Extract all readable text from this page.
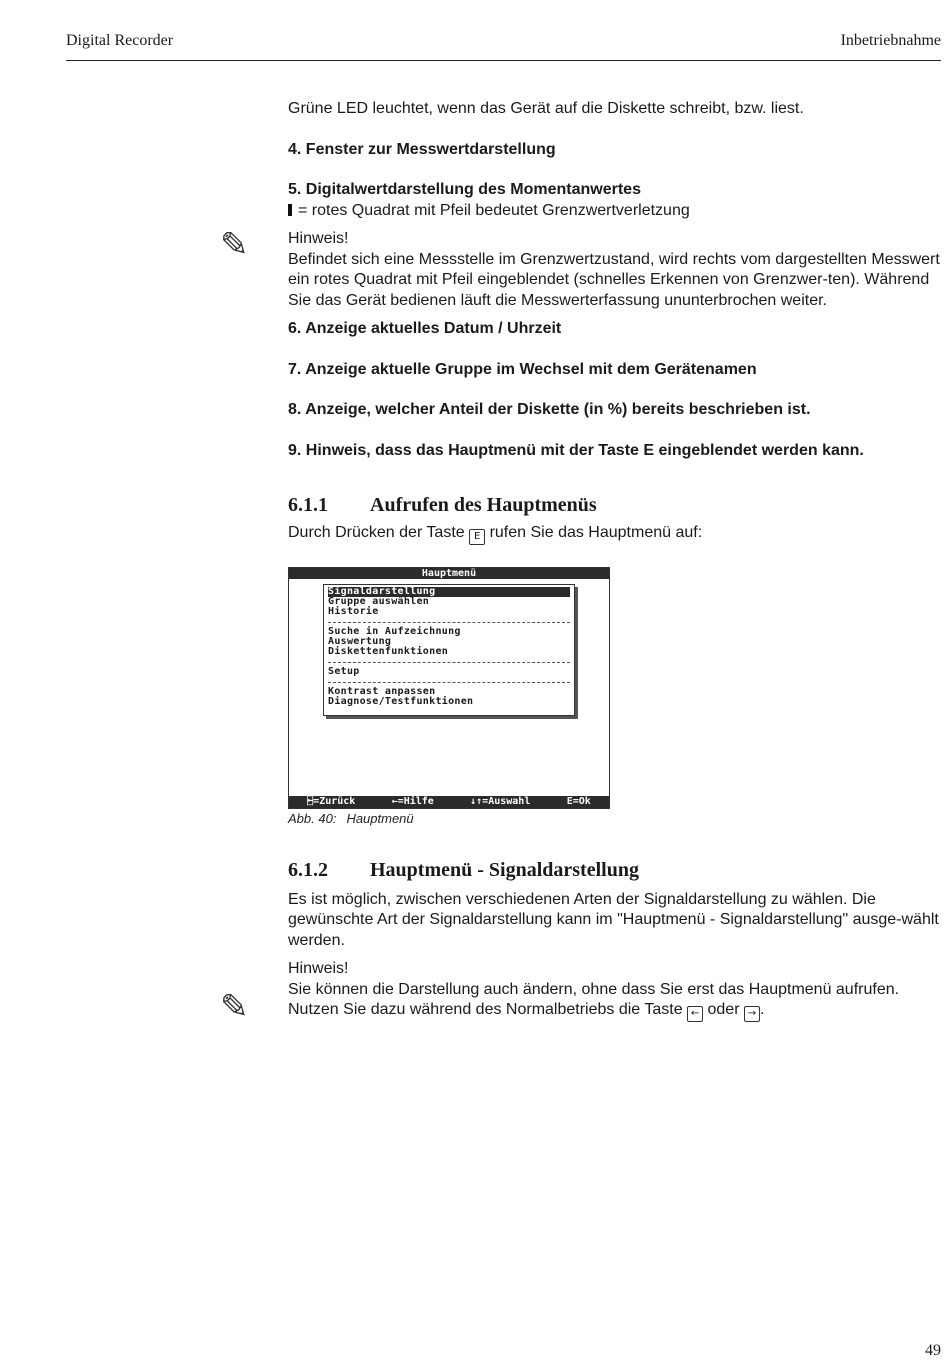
Digital Recorder	Inbetriebnahme
✎
✎

Grüne LED leuchtet, wenn das Gerät auf die Diskette schreibt, bzw. liest.

4. Fenster zur Messwertdarstellung

5. Digitalwertdarstellung des Momentanwertes

= rotes Quadrat mit Pfeil bedeutet Grenzwertverletzung

Hinweis!

Befindet sich eine Messstelle im Grenzwertzustand, wird rechts vom dargestellten Messwert ein rotes Quadrat mit Pfeil eingeblendet (schnelles Erkennen von Grenzwer-ten). Während Sie das Gerät bedienen läuft die Messwerterfassung ununterbrochen weiter.

6. Anzeige aktuelles Datum / Uhrzeit

7. Anzeige aktuelle Gruppe im Wechsel mit dem Gerätenamen

8. Anzeige, welcher Anteil der Diskette (in %) bereits beschrieben ist.

9. Hinweis, dass das Hauptmenü mit der Taste E eingeblendet werden kann.

6.1.1	Aufrufen des Hauptmenüs

Durch Drücken der Taste E rufen Sie das Hauptmenü auf:

Hauptmenü
Signaldarstellung
Gruppe auswählen
Historie
Suche in Aufzeichnung
Auswertung
Diskettenfunktionen
Setup
Kontrast anpassen
Diagnose/Testfunktionen
⍇=Zurück	←=Hilfe	↓↑=Auswahl	E=Ok

Abb. 40: Hauptmenü

6.1.2	Hauptmenü - Signaldarstellung

Es ist möglich, zwischen verschiedenen Arten der Signaldarstellung zu wählen. Die gewünschte Art der Signaldarstellung kann im "Hauptmenü - Signaldarstellung" ausge-wählt werden.

Hinweis!

Sie können die Darstellung auch ändern, ohne dass Sie erst das Hauptmenü aufrufen.

Nutzen Sie dazu während des Normalbetriebs die Taste ← oder → .

49
